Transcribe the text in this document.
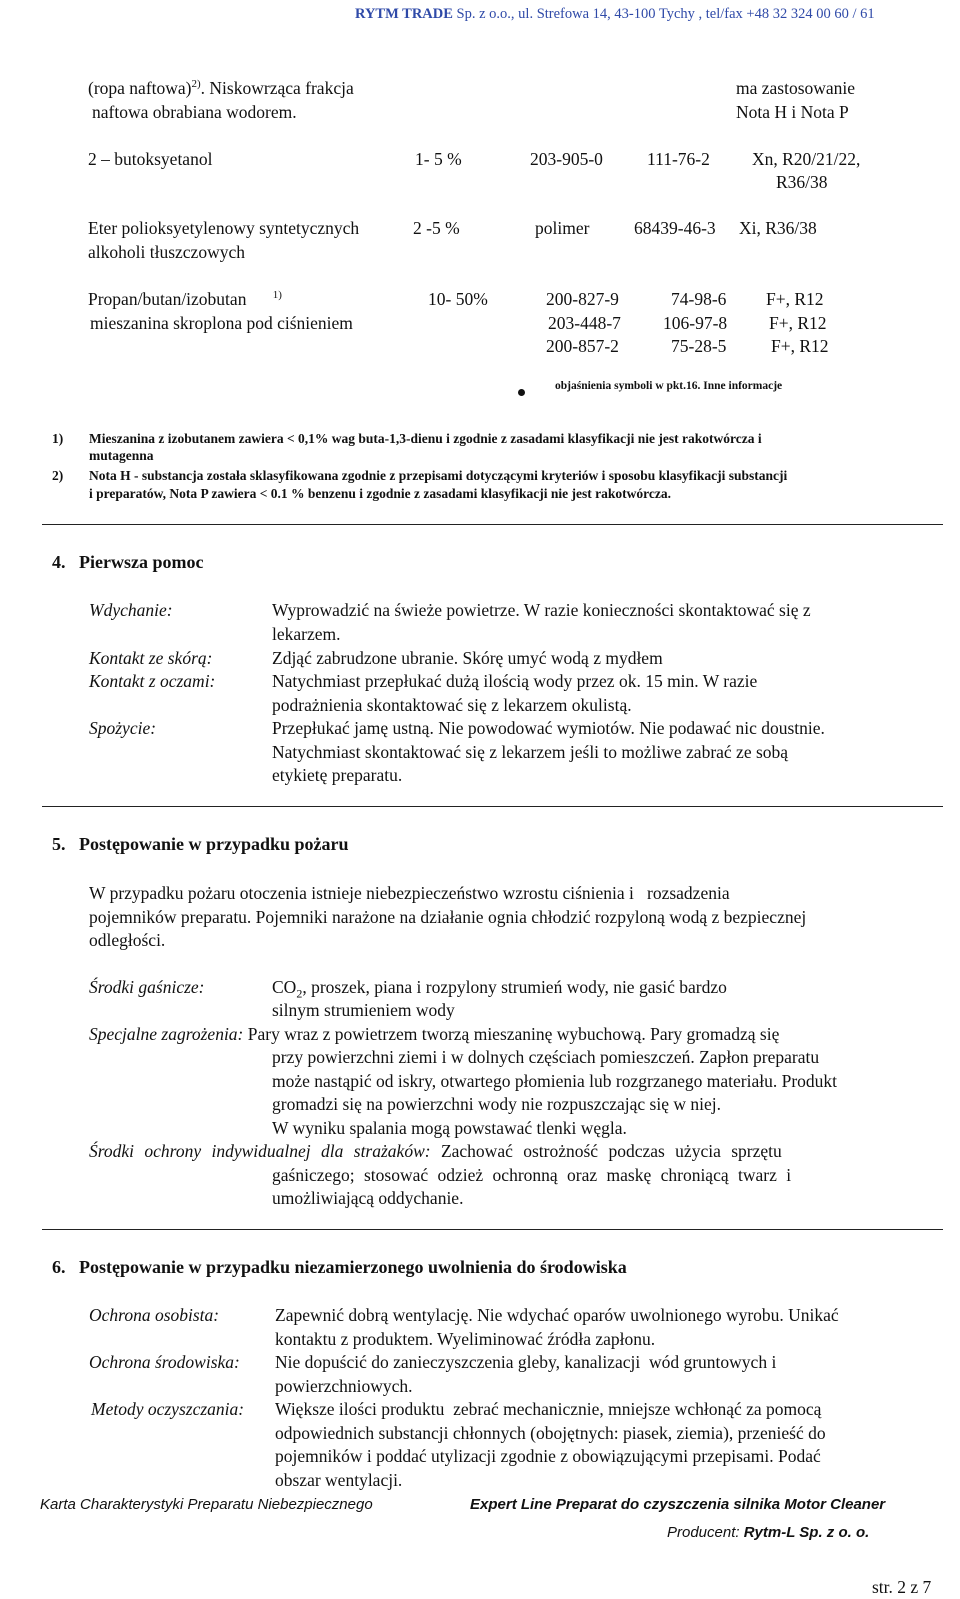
RYTM TRADE Sp. z o.o., ul. Strefowa 14, 43-100 Tychy , tel/fax +48 32 324 00 60 / 61
(ropa naftowa)$^{2)}$. Niskowrząca frakcja
naftowa obrabiana wodorem.
ma zastosowanie
Nota H i Nota P
2 – butoksyetanol	1- 5 %	203-905-0	111-76-2 Xn, R20/21/22,
R36/38
Eter polioksyetylenowy syntetycznych
alkoholi tłuszczowych
2 -5 %	polimer	68439-46-3 Xi, R36/38
Propan/butan/izobutan $^{1)}$
mieszanina skroplona pod ciśnieniem
10- 50%	200-827-9	74-98-6 F+, R12
203-448-7 106-97-8 F+, R12
200-857-2	75-28-5	F+, R12
objaśnienia symboli w pkt.16. Inne informacje
1) Mieszanina z izobutanem zawiera < 0,1% wag buta-1,3-dienu i zgodnie z zasadami klasyfikacji nie jest rakotwórcza i
mutagenna
2) Nota H - substancja została sklasyfikowana zgodnie z przepisami dotyczącymi kryteriów i sposobu klasyfikacji substancji
i preparatów, Nota P zawiera < 0.1 % benzenu i zgodnie z zasadami klasyfikacji nie jest rakotwórcza.
4.   Pierwsza pomoc
Wdychanie:	Wyprowadzić na świeże powietrze. W razie konieczności skontaktować się z
lekarzem.
Kontakt ze skórą:	Zdjąć zabrudzone ubranie. Skórę umyć wodą z mydłem
Kontakt z oczami:	Natychmiast przepłukać dużą ilością wody przez ok. 15 min. W razie
podrażnienia skontaktować się z lekarzem okulistą.
Spożycie:	Przepłukać jamę ustną. Nie powodować wymiotów. Nie podawać nic doustnie.
Natychmiast skontaktować się z lekarzem jeśli to możliwe zabrać ze sobą
etykietę preparatu.
5.   Postępowanie w przypadku pożaru
W przypadku pożaru otoczenia istnieje niebezpieczeństwo wzrostu ciśnienia i   rozsadzenia
pojemników preparatu. Pojemniki narażone na działanie ognia chłodzić rozpyloną wodą z bezpiecznej
odległości.
Środki gaśnicze:	$CO_2$, proszek, piana i rozpylony strumień wody, nie gasić bardzo
silnym strumieniem wody
Specjalne zagrożenia: Pary wraz z powietrzem tworzą mieszaninę wybuchową. Pary gromadzą się
przy powierzchni ziemi i w dolnych częściach pomieszczeń. Zapłon preparatu
może nastąpić od iskry, otwartego płomienia lub rozgrzanego materiału. Produkt
gromadzi się na powierzchni wody nie rozpuszczając się w niej.
W wyniku spalania mogą powstawać tlenki węgla.
Środki ochrony indywidualnej dla strażaków: Zachować ostrożność podczas użycia sprzętu
gaśniczego; stosować odzież ochronną oraz maskę chroniącą twarz i
umożliwiającą oddychanie.
6.   Postępowanie w przypadku niezamierzonego uwolnienia do środowiska
Ochrona osobista:	Zapewnić dobrą wentylację. Nie wdychać oparów uwolnionego wyrobu. Unikać
kontaktu z produktem. Wyeliminować źródła zapłonu.
Ochrona środowiska: Nie dopuścić do zanieczyszczenia gleby, kanalizacji  wód gruntowych i
powierzchniowych.
Metody oczyszczania: Większe ilości produktu  zebrać mechanicznie, mniejsze wchłonąć za pomocą
odpowiednich substancji chłonnych (obojętnych: piasek, ziemia), przenieść do
pojemników i poddać utylizacji zgodnie z obowiązującymi przepisami. Podać
obszar wentylacji.
Karta Charakterystyki Preparatu Niebezpiecznego	Expert Line Preparat do czyszczenia silnika Motor Cleaner
Producent: Rytm-L Sp. z o. o.
str. 2 z 7
